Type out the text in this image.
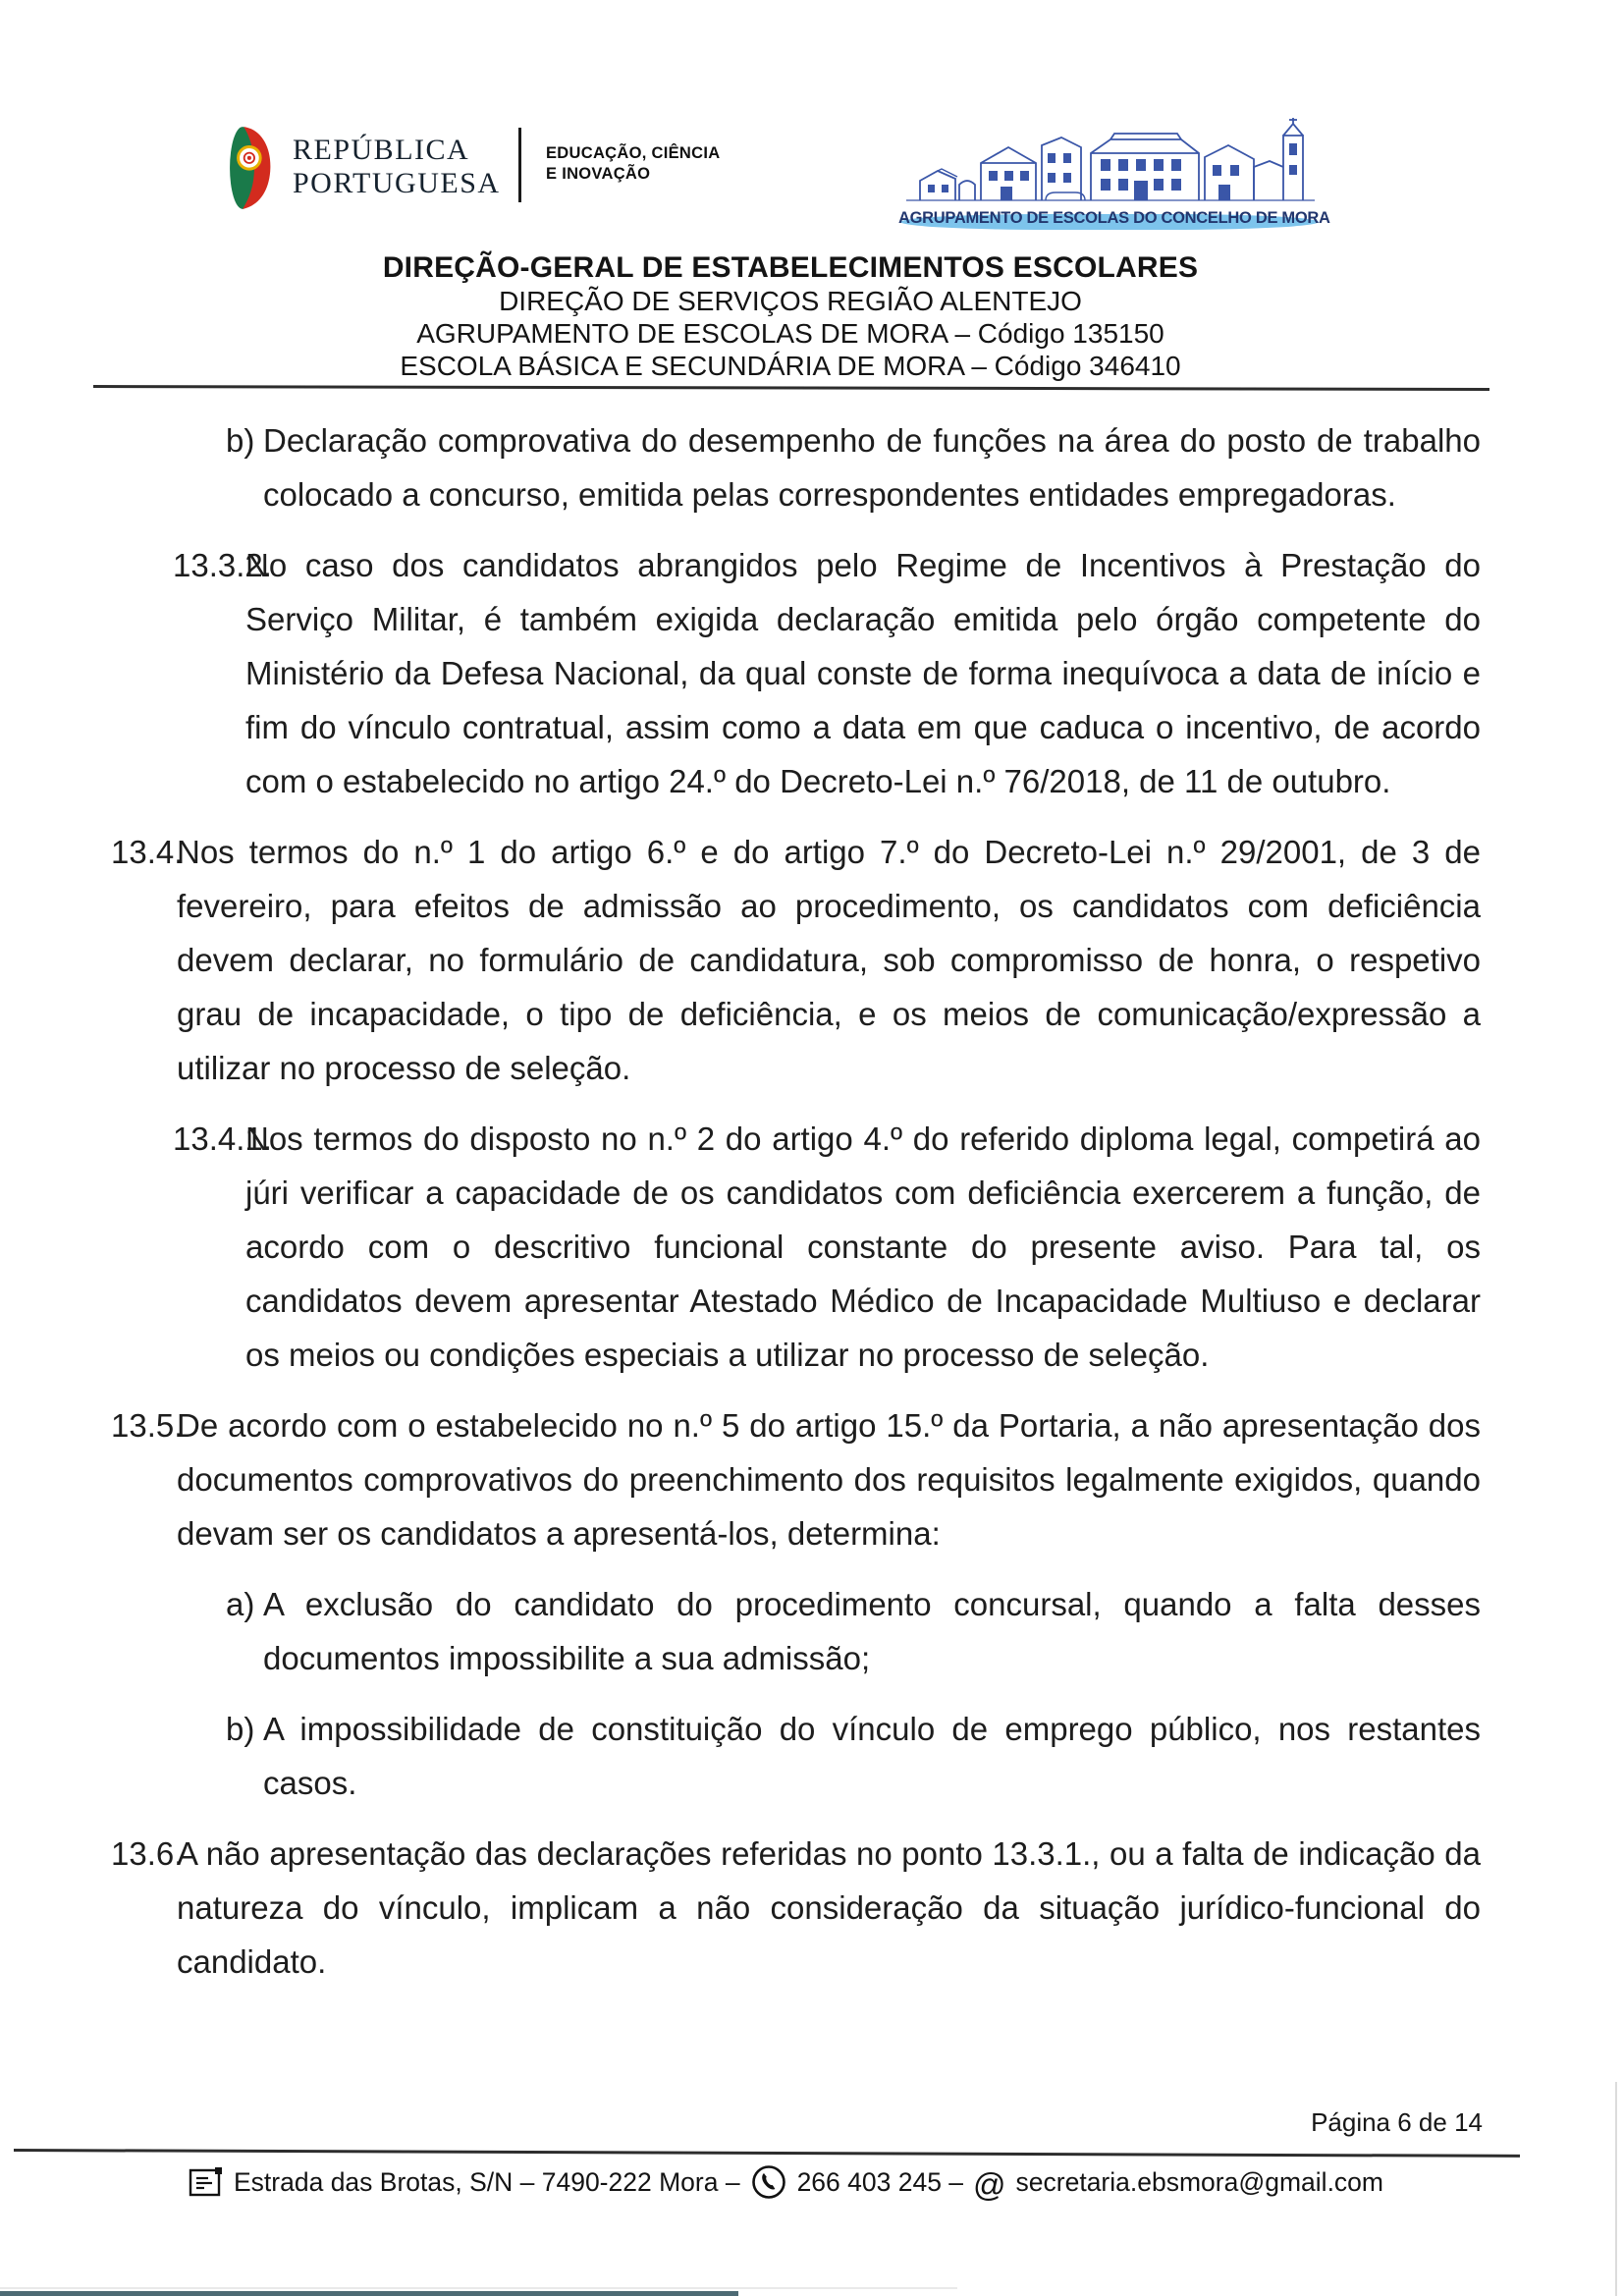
REPÚBLICA
PORTUGUESA
EDUCAÇÃO, CIÊNCIA
E INOVAÇÃO
AGRUPAMENTO DE ESCOLAS DO CONCELHO DE MORA
DIREÇÃO-GERAL DE ESTABELECIMENTOS ESCOLARES
DIREÇÃO DE SERVIÇOS REGIÃO ALENTEJO
AGRUPAMENTO DE ESCOLAS DE MORA – Código 135150
ESCOLA BÁSICA E SECUNDÁRIA DE MORA – Código 346410
b) Declaração comprovativa do desempenho de funções na área do posto de trabalho colocado a concurso, emitida pelas correspondentes entidades empregadoras.
13.3.2.
No caso dos candidatos abrangidos pelo Regime de Incentivos à Prestação do Serviço Militar, é também exigida declaração emitida pelo órgão competente do Ministério da Defesa Nacional, da qual conste de forma inequívoca a data de início e fim do vínculo contratual, assim como a data em que caduca o incentivo, de acordo com o estabelecido no artigo 24.º do Decreto-Lei n.º 76/2018, de 11 de outubro.
13.4.
Nos termos do n.º 1 do artigo 6.º e do artigo 7.º do Decreto-Lei n.º 29/2001, de 3 de fevereiro, para efeitos de admissão ao procedimento, os candidatos com deficiência devem declarar, no formulário de candidatura, sob compromisso de honra, o respetivo grau de incapacidade, o tipo de deficiência, e os meios de comunicação/expressão a utilizar no processo de seleção.
13.4.1.
Nos termos do disposto no n.º 2 do artigo 4.º do referido diploma legal, competirá ao júri verificar a capacidade de os candidatos com deficiência exercerem a função, de acordo com o descritivo funcional constante do presente aviso. Para tal, os candidatos devem apresentar Atestado Médico de Incapacidade Multiuso e declarar os meios ou condições especiais a utilizar no processo de seleção.
13.5.
De acordo com o estabelecido no n.º 5 do artigo 15.º da Portaria, a não apresentação dos documentos comprovativos do preenchimento dos requisitos legalmente exigidos, quando devam ser os candidatos a apresentá-los, determina:
a) A exclusão do candidato do procedimento concursal, quando a falta desses documentos impossibilite a sua admissão;
b) A impossibilidade de constituição do vínculo de emprego público, nos restantes casos.
13.6.
A não apresentação das declarações referidas no ponto 13.3.1., ou a falta de indicação da natureza do vínculo, implicam a não consideração da situação jurídico-funcional do candidato.
Página 6 de 14
Estrada das Brotas, S/N – 7490-222 Mora – 266 403 245 – @ secretaria.ebsmora@gmail.com
